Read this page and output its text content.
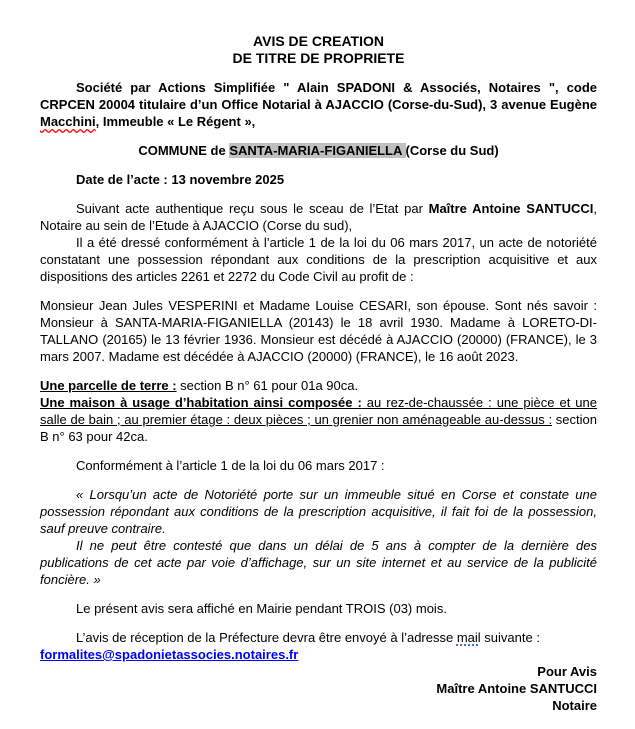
AVIS DE CREATION
DE TITRE DE PROPRIETE

Société par Actions Simplifiée " Alain SPADONI & Associés, Notaires ", code CRPCEN 20004 titulaire d’un Office Notarial à AJACCIO (Corse-du-Sud), 3 avenue Eugène Macchini, Immeuble « Le Régent »,

COMMUNE de SANTA-MARIA-FIGANIELLA (Corse du Sud)

Date de l’acte : 13 novembre 2025

Suivant acte authentique reçu sous le sceau de l’Etat par Maître Antoine SANTUCCI, Notaire au sein de l’Etude à AJACCIO (Corse du sud),

Il a été dressé conformément à l’article 1 de la loi du 06 mars 2017, un acte de notoriété constatant une possession répondant aux conditions de la prescription acquisitive et aux dispositions des articles 2261 et 2272 du Code Civil au profit de :

Monsieur Jean Jules VESPERINI et Madame Louise CESARI, son épouse. Sont nés savoir : Monsieur à SANTA-MARIA-FIGANIELLA (20143) le 18 avril 1930. Madame à LORETO-DI-TALLANO (20165) le 13 février 1936. Monsieur est décédé à AJACCIO (20000) (FRANCE), le 3 mars 2007. Madame est décédée à AJACCIO (20000) (FRANCE), le 16 août 2023.

Une parcelle de terre : section B n° 61 pour 01a 90ca.

Une maison à usage d’habitation ainsi composée : au rez-de-chaussée : une pièce et une salle de bain ; au premier étage : deux pièces ; un grenier non aménageable au-dessus : section B n° 63 pour 42ca.

Conformément à l’article 1 de la loi du 06 mars 2017 :

« Lorsqu’un acte de Notoriété porte sur un immeuble situé en Corse et constate une possession répondant aux conditions de la prescription acquisitive, il fait foi de la possession, sauf preuve contraire.

Il ne peut être contesté que dans un délai de 5 ans à compter de la dernière des publications de cet acte par voie d’affichage, sur un site internet et au service de la publicité foncière. »

Le présent avis sera affiché en Mairie pendant TROIS (03) mois.

L’avis de réception de la Préfecture devra être envoyé à l’adresse mail suivante :

formalites@spadonietassocies.notaires.fr

Pour Avis
Maître Antoine SANTUCCI
Notaire
